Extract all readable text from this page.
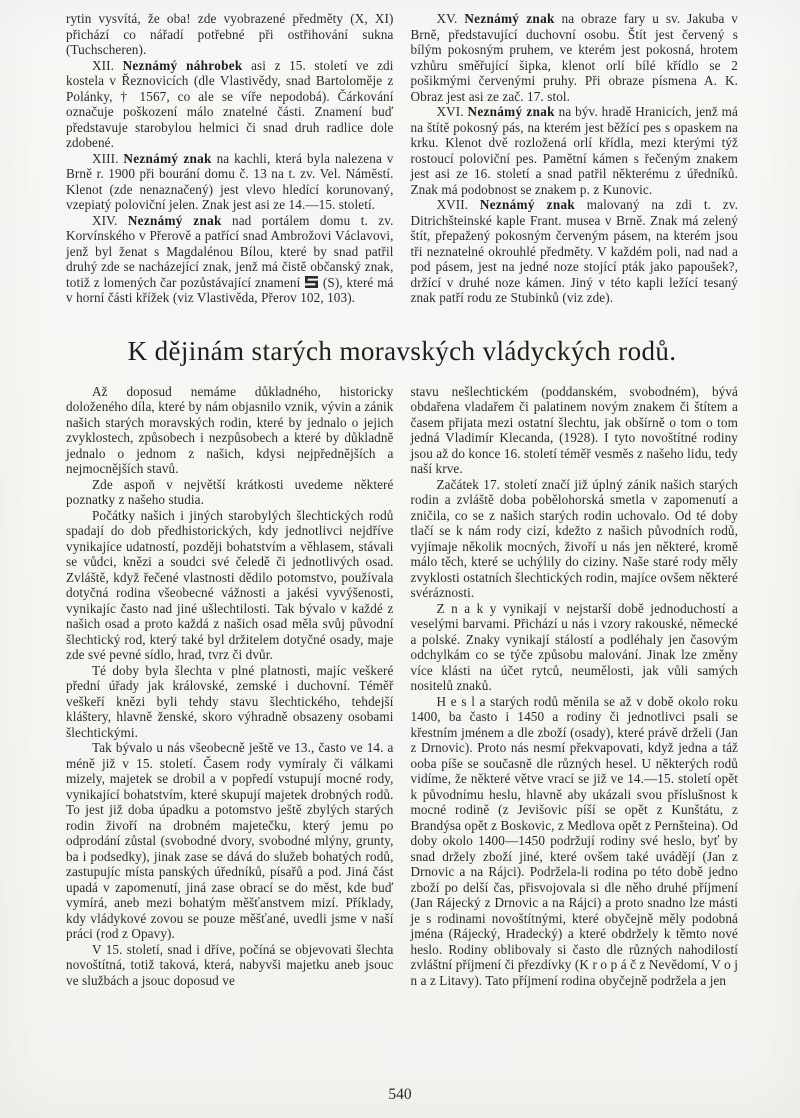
rytin vysvítá, že oba! zde vyobrazené předměty (X, XI) přichází co nářadí potřebné při ostřihování sukna (Tuchscheren).

XII. Neznámý náhrobek asi z 15. století ve zdi kostela v Řeznovicích (dle Vlastivědy, snad Bartoloměje z Polánky, † 1567, co ale se víře nepodobá). Čárkování označuje poškození málo znatelné části. Znamení buď představuje starobylou helmici či snad druh radlice dole zdobené.

XIII. Neznámý znak na kachli, která byla nalezena v Brně r. 1900 při bourání domu č. 13 na t. zv. Vel. Náměstí. Klenot (zde nenaznačený) jest vlevo hledící korunovaný, vzepiatý poloviční jelen. Znak jest asi ze 14.—15. století.

XIV. Neznámý znak nad portálem domu t. zv. Korvínského v Přerově a patřící snad Ambrožovi Václavovi, jenž byl ženat s Magdalénou Bílou, které by snad patřil druhý zde se nacházející znak, jenž má čistě občanský znak, totiž z lomených čar pozůstávající znamení  (S), které má v horní části křížek (viz Vlastivěda, Přerov 102, 103).

XV. Neznámý znak na obraze fary u sv. Jakuba v Brně, představující duchovní osobu. Štít jest červený s bílým pokosným pruhem, ve kterém jest pokosná, hrotem vzhůru směřující šipka, klenot orlí bílé křídlo se 2 pošikmými červenými pruhy. Při obraze písmena A. K. Obraz jest asi ze zač. 17. stol.

XVI. Neznámý znak na býv. hradě Hranicích, jenž má na štítě pokosný pás, na kterém jest běžící pes s opaskem na krku. Klenot dvě rozložená orlí křídla, mezi kterými týž rostoucí poloviční pes. Pamětní kámen s řečeným znakem jest asi ze 16. století a snad patřil některému z úředníků. Znak má podobnost se znakem p. z Kunovic.

XVII. Neznámý znak malovaný na zdi t. zv. Ditrichšteinské kaple Frant. musea v Brně. Znak má zelený štít, přepažený pokosným červeným pásem, na kterém jsou tři neznatelné okrouhlé předměty. V každém poli, nad nad a pod pásem, jest na jedné noze stojící pták jako papoušek?, držící v druhé noze kámen. Jiný v této kapli ležící tesaný znak patří rodu ze Stubinků (viz zde).

K dějinám starých moravských vládyckých rodů.

Až doposud nemáme důkladného, historicky doloženého díla, které by nám objasnilo vznik, vývin a zánik našich starých moravských rodin, které by jednalo o jejich zvyklostech, způsobech i nezpůsobech a které by důkladně jednalo o jednom z našich, kdysi nejpřednějších a nejmocnějších stavů.

Zde aspoň v největší krátkosti uvedeme některé poznatky z našeho studia.

Počátky našich i jiných starobylých šlechtických rodů spadají do dob předhistorických, kdy jednotlivci nejdříve vynikajíce udatností, později bohatstvím a věhlasem, stávali se vůdci, knězi a soudci své čeledě či jednotlivých osad. Zvláště, když řečené vlastnosti dědilo potomstvo, používala dotyčná rodina všeobecné vážnosti a jakési vyvýšenosti, vynikajíc často nad jiné ušlechtilosti. Tak bývalo v každé z našich osad a proto každá z našich osad měla svůj původní šlechtický rod, který také byl držitelem dotyčné osady, maje zde své pevné sídlo, hrad, tvrz či dvůr.

Té doby byla šlechta v plné platnosti, majíc veškeré přední úřady jak královské, zemské i duchovní. Téměř veškeří knězi byli tehdy stavu šlechtického, tehdejší kláštery, hlavně ženské, skoro výhradně obsazeny osobami šlechtickými.

Tak bývalo u nás všeobecně ještě ve 13., často ve 14. a méně již v 15. století. Časem rody vymíraly či válkami mizely, majetek se drobil a v popředí vstupují mocné rody, vynikající bohatstvím, které skupují majetek drobných rodů. To jest již doba úpadku a potomstvo ještě zbylých starých rodin živoří na drobném majetečku, který jemu po odprodání zůstal (svobodné dvory, svobodné mlýny, grunty, ba i podsedky), jinak zase se dává do služeb bohatých rodů, zastupujíc místa panských úředníků, písařů a pod. Jiná část upadá v zapomenutí, jiná zase obrací se do měst, kde buď vymírá, aneb mezi bohatým měšťanstvem mizí. Příklady, kdy vládykové zovou se pouze měšťané, uvedli jsme v naší práci (rod z Opavy).

V 15. století, snad i dříve, počíná se objevovati šlechta novoštítná, totiž taková, která, nabyvši majetku aneb jsouc ve službách a jsouc doposud ve

stavu nešlechtickém (poddanském, svobodném), bývá obdařena vladařem či palatinem novým znakem či štítem a časem přijata mezi ostatní šlechtu, jak obšírně o tom o tom jedná Vladimír Klecanda, (1928). I tyto novoštítné rodiny jsou až do konce 16. století téměř vesměs z našeho lidu, tedy naší krve.

Začátek 17. století značí již úplný zánik našich starých rodin a zvláště doba pobělohorská smetla v zapomenutí a zničila, co se z našich starých rodin uchovalo. Od té doby tlačí se k nám rody cizí, kdežto z našich původních rodů, vyjímaje několik mocných, živoří u nás jen některé, kromě málo těch, které se uchýlily do ciziny. Naše staré rody měly zvyklosti ostatních šlechtických rodin, majíce ovšem některé svéráznosti.

Z n a k y vynikají v nejstarší době jednoduchostí a veselými barvami. Přichází u nás i vzory rakouské, německé a polské. Znaky vynikají stálostí a podléhaly jen časovým odchylkám co se týče způsobu malování. Jinak lze změny více klásti na účet rytců, neumělosti, jak vůli samých nositelů znaků.

H e s l a starých rodů měnila se až v době okolo roku 1400, ba často i 1450 a rodiny či jednotlivci psali se křestním jménem a dle zboží (osady), které právě drželi (Jan z Drnovic). Proto nás nesmí překvapovati, když jedna a táž ooba píše se současně dle různých hesel. U některých rodů vidíme, že některé větve vrací se již ve 14.—15. století opět k původnímu heslu, hlavně aby ukázali svou příslušnost k mocné rodině (z Jevišovic píší se opět z Kunštátu, z Brandýsa opět z Boskovic, z Medlova opět z Pernšteina). Od doby okolo 1400—1450 podržují rodiny své heslo, byť by snad držely zboží jiné, které ovšem také uvádějí (Jan z Drnovic a na Rájci). Podržela-li rodina po této době jedno zboží po delší čas, přisvojovala si dle něho druhé příjmení (Jan Rájecký z Drnovic a na Rájci) a proto snadno lze másti je s rodinami novoštítnými, které obyčejně měly podobná jména (Rájecký, Hradecký) a které obdržely k těmto nové heslo. Rodiny oblibovaly si často dle různých nahodilostí zvláštní příjmení či přezdívky (K r o p á č z Nevědomí, V o j n a z Litavy). Tato příjmení rodina obyčejně podržela a jen

540
